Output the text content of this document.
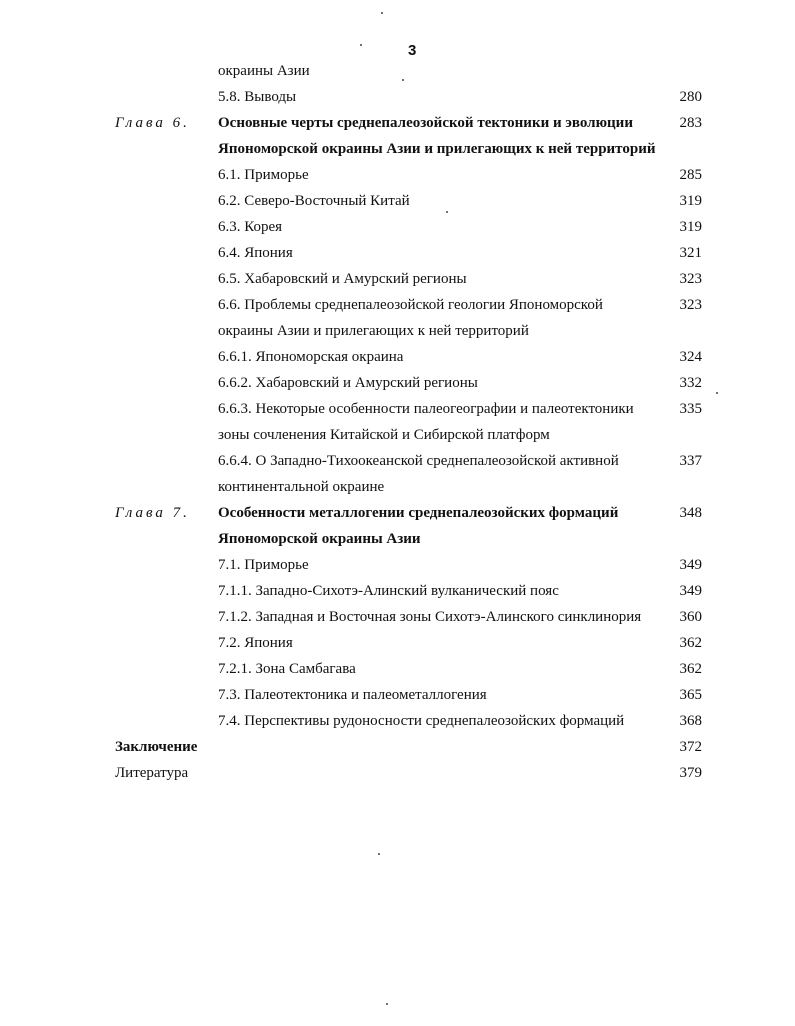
3
окраины Азии
5.8. Выводы	280
Глава 6. Основные черты среднепалеозойской тектоники и эволюции	283
Япономорской окраины Азии и прилегающих к ней территорий
6.1. Приморье	285
6.2. Северо-Восточный Китай	319
6.3. Корея	319
6.4. Япония	321
6.5. Хабаровский и Амурский регионы	323
6.6. Проблемы среднепалеозойской геологии Япономорской	323
окраины Азии и прилегающих к ней территорий
6.6.1. Япономорская окраина	324
6.6.2. Хабаровский и Амурский регионы	332
6.6.3. Некоторые особенности палеогеографии и палеотектоники	335
зоны сочленения Китайской и Сибирской платформ
6.6.4. О Западно-Тихоокеанской среднепалеозойской активной	337
континентальной окраине
Глава 7. Особенности металлогении среднепалеозойских формаций	348
Япономорской окраины Азии
7.1. Приморье	349
7.1.1. Западно-Сихотэ-Алинский вулканический пояс	349
7.1.2. Западная и Восточная зоны Сихотэ-Алинского синклинория	360
7.2. Япония	362
7.2.1. Зона Самбагава	362
7.3. Палеотектоника и палеометаллогения	365
7.4. Перспективы рудоносности среднепалеозойских формаций	368
Заключение	372
Литература	379
